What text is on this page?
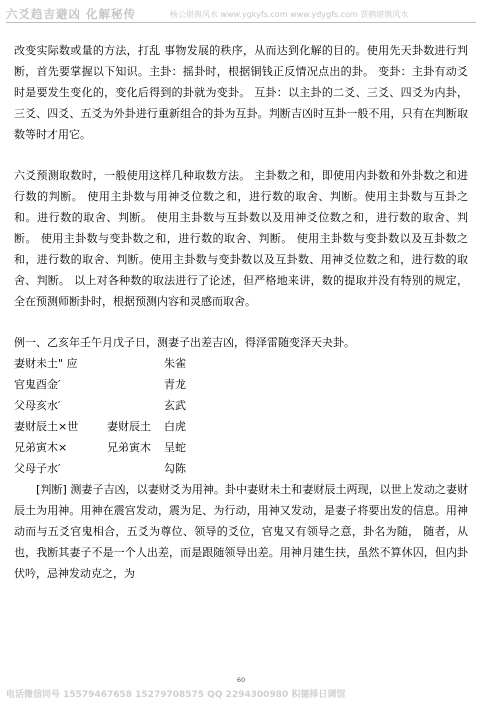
六爻趋吉避凶 化解秘传	杨公堪舆风水 www.ygkyfs.com www.ydygfs.com 贾鹤堪舆风水

改变实际数或量的方法，打乱 事物发展的秩序，从而达到化解的目的。使用先天卦数进行判断，首先要掌握以下知识。主卦：摇卦时，根据铜钱正反情况点出的卦。 变卦：主卦有动爻时是要发生变化的，变化后得到的卦就为变卦。 互卦：以主卦的二爻、三爻、四爻为内卦，三爻、四爻、五爻为外卦进行重新组合的卦为互卦。判断吉凶时互卦一般不用，只有在判断取数等时才用它。

六爻预测取数时，一般使用这样几种取数方法。 主卦数之和，即使用内卦数和外卦数之和进行数的判断。 使用主卦数与用神爻位数之和，进行数的取舍、判断。使用主卦数与互卦之和。进行数的取舍、判断。 使用主卦数与互卦数以及用神爻位数之和，进行数的取舍、判断。 使用主卦数与变卦数之和，进行数的取舍、判断。 使用主卦数与变卦数以及互卦数之和，进行数的取舍、判断。使用主卦数与变卦数以及互卦数、用神爻位数之和，进行数的取舍、判断。 以上对各种数的取法进行了论述，但严格地来讲，数的提取并没有特别的规定，全在预测师断卦时，根据预测内容和灵感而取舍。

例一、乙亥年壬午月戊子日，测妻子出差吉凶，得泽雷随变泽天夬卦。

妻财未土" 应	朱雀
官鬼酉金′	青龙
父母亥水′	玄武
妻财辰土×世	妻财辰土 白虎
兄弟寅木×	兄弟寅木 呈蛇
父母子水′	勾陈

　　[判断] 测妻子吉凶，以妻财爻为用神。卦中妻财未土和妻财辰土两现，以世上发动之妻财辰土为用神。用神在震宫发动，震为足、为行动，用神又发动，是妻子将要出发的信息。用神动而与五爻官鬼相合，五爻为尊位、领导的爻位，官鬼又有领导之意，卦名为随， 随者，从也，我断其妻子不是一个人出差，而是跟随领导出差。用神月建生扶，虽然不算休囚，但内卦伏吟，忌神发动克之，为

60
电话微信同号 15579467658 15279708575 QQ 2294300980 积德择日调馆
